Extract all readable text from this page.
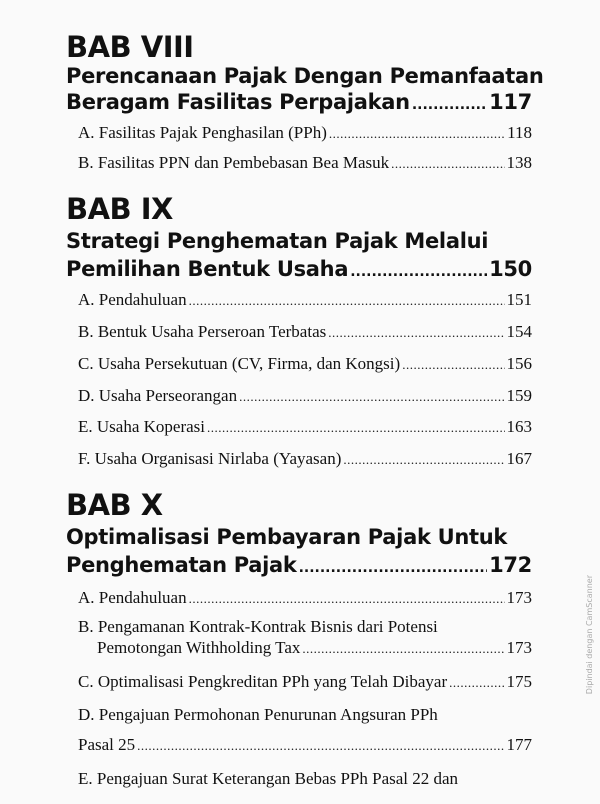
BAB VIII
Perencanaan Pajak Dengan Pemanfaatan
Beragam Fasilitas Perpajakan .....	117
A. Fasilitas Pajak Penghasilan (PPh) .....	118
B. Fasilitas PPN dan Pembebasan Bea Masuk .....	138
BAB IX
Strategi Penghematan Pajak Melalui
Pemilihan Bentuk Usaha .....	150
A. Pendahuluan .....	151
B. Bentuk Usaha Perseroan Terbatas .....	154
C. Usaha Persekutuan (CV, Firma, dan Kongsi) .....	156
D. Usaha Perseorangan .....	159
E. Usaha Koperasi .....	163
F. Usaha Organisasi Nirlaba (Yayasan) .....	167
BAB X
Optimalisasi Pembayaran Pajak Untuk
Penghematan Pajak .....	172
A. Pendahuluan .....	173
B. Pengamanan Kontrak-Kontrak Bisnis dari Potensi
Pemotongan Withholding Tax .....	173
C. Optimalisasi Pengkreditan PPh yang Telah Dibayar .....	175
D. Pengajuan Permohonan Penurunan Angsuran PPh
Pasal 25 .....	177
E. Pengajuan Surat Keterangan Bebas PPh Pasal 22 dan
Dipindai dengan CamScanner
